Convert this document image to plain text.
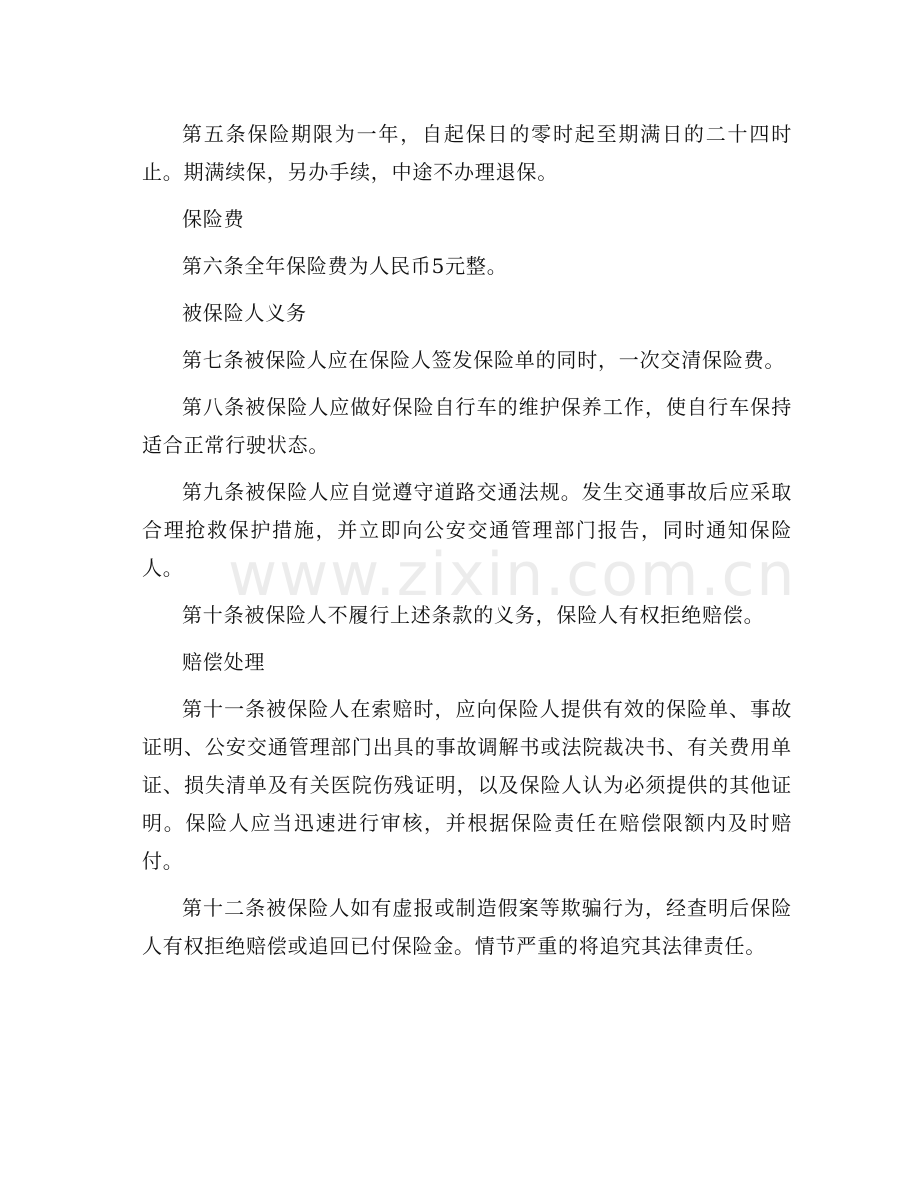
第五条保险期限为一年，自起保日的零时起至期满日的二十四时止。期满续保，另办手续，中途不办理退保。

保险费

第六条全年保险费为人民币5元整。

被保险人义务

第七条被保险人应在保险人签发保险单的同时，一次交清保险费。

第八条被保险人应做好保险自行车的维护保养工作，使自行车保持适合正常行驶状态。

第九条被保险人应自觉遵守道路交通法规。发生交通事故后应采取合理抢救保护措施，并立即向公安交通管理部门报告，同时通知保险人。

第十条被保险人不履行上述条款的义务，保险人有权拒绝赔偿。

赔偿处理

第十一条被保险人在索赔时，应向保险人提供有效的保险单、事故证明、公安交通管理部门出具的事故调解书或法院裁决书、有关费用单证、损失清单及有关医院伤残证明，以及保险人认为必须提供的其他证明。保险人应当迅速进行审核，并根据保险责任在赔偿限额内及时赔付。

第十二条被保险人如有虚报或制造假案等欺骗行为，经查明后保险人有权拒绝赔偿或追回已付保险金。情节严重的将追究其法律责任。

www.zixin.com.cn
